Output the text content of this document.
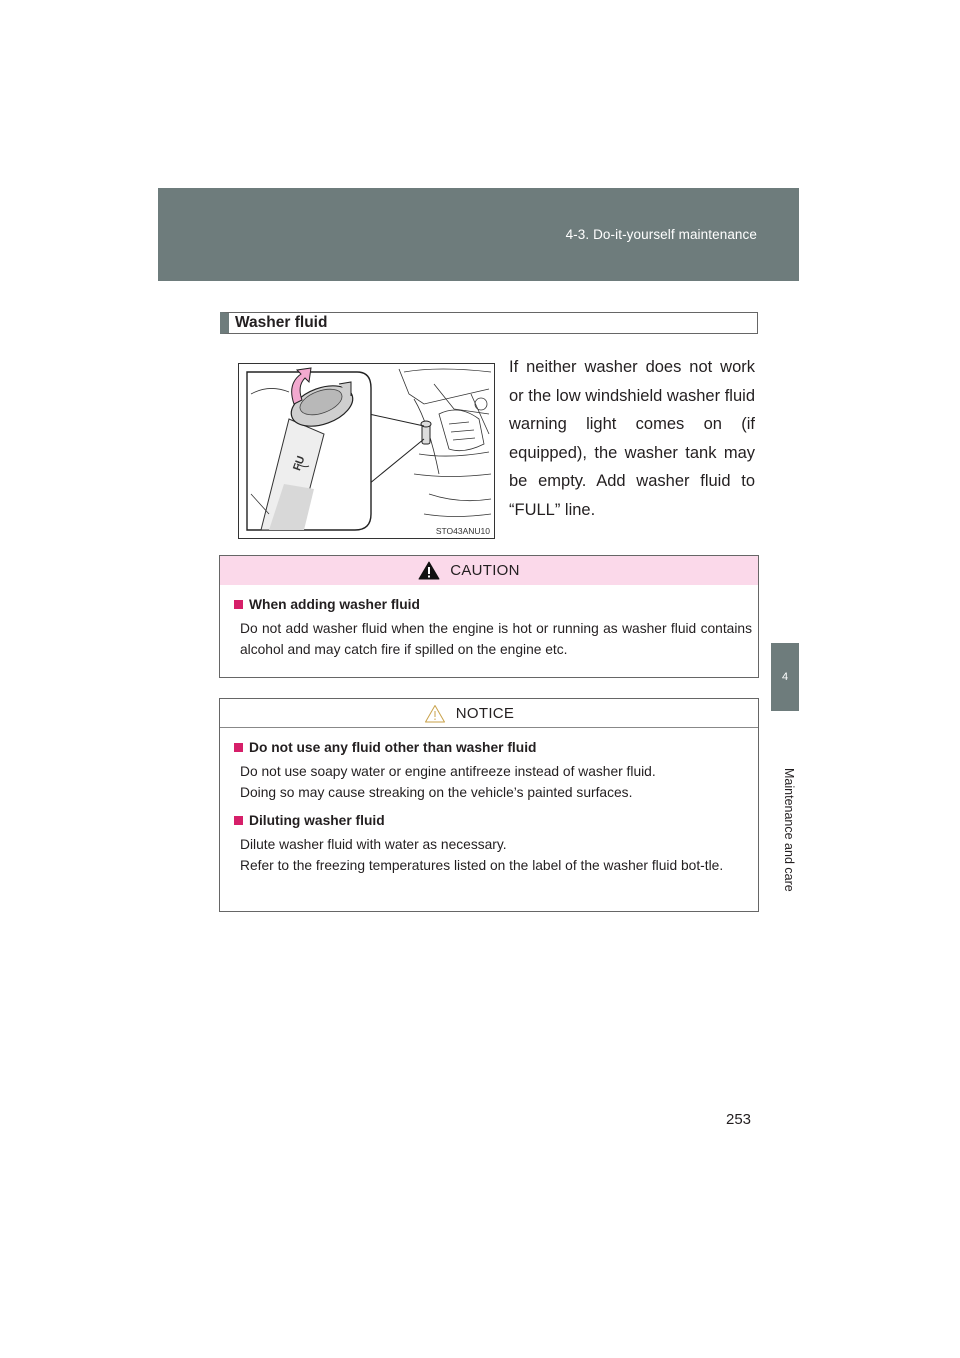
4-3. Do-it-yourself maintenance
4
Maintenance and care
Washer fluid
FU
STO43ANU10
If neither washer does not work or the low windshield washer fluid warning light comes on (if equipped), the washer tank may be empty. Add washer fluid to “FULL” line.
CAUTION
When adding washer fluid

Do not add washer fluid when the engine is hot or running as washer fluid contains alcohol and may catch fire if spilled on the engine etc.

NOTICE
Do not use any fluid other than washer fluid

Do not use soapy water or engine antifreeze instead of washer fluid.

Doing so may cause streaking on the vehicle’s painted surfaces.

Diluting washer fluid

Dilute washer fluid with water as necessary.

Refer to the freezing temperatures listed on the label of the washer fluid bot-tle.

253
